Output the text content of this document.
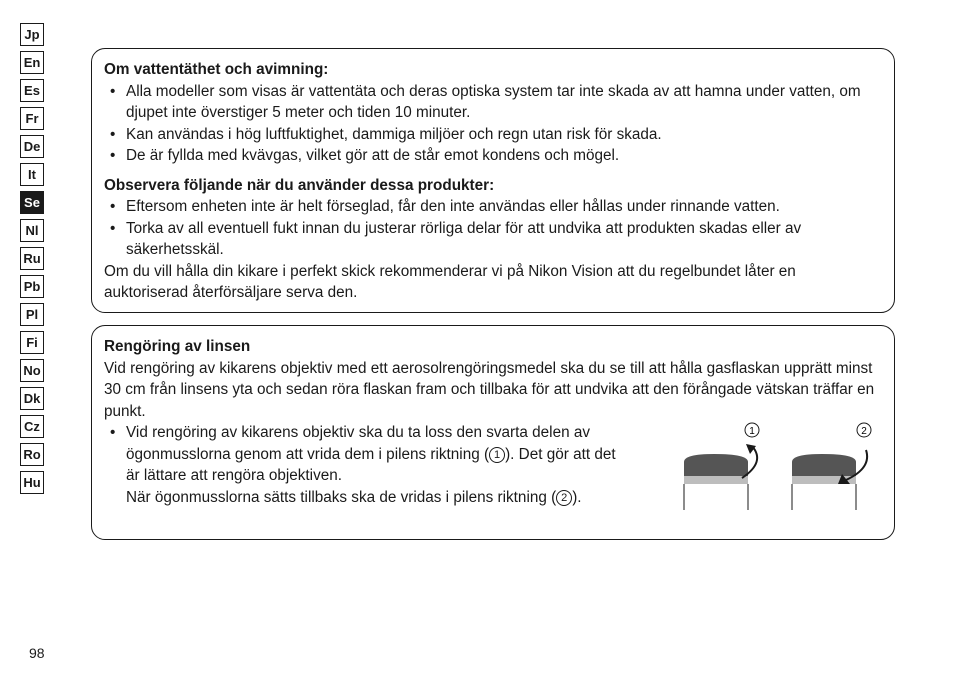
Jp
En
Es
Fr
De
It
Se
Nl
Ru
Pb
Pl
Fi
No
Dk
Cz
Ro
Hu
Om vattentäthet och avimning:
• Alla modeller som visas är vattentäta och deras optiska system tar inte skada av att hamna under vatten, om djupet inte överstiger 5 meter och tiden 10 minuter.
• Kan användas i hög luftfuktighet, dammiga miljöer och regn utan risk för skada.
• De är fyllda med kvävgas, vilket gör att de står emot kondens och mögel.
Observera följande när du använder dessa produkter:
• Eftersom enheten inte är helt förseglad, får den inte användas eller hållas under rinnande vatten.
• Torka av all eventuell fukt innan du justerar rörliga delar för att undvika att produkten skadas eller av säkerhetsskäl.
Om du vill hålla din kikare i perfekt skick rekommenderar vi på Nikon Vision att du regelbundet låter en auktoriserad återförsäljare serva den.
Rengöring av linsen
Vid rengöring av kikarens objektiv med ett aerosolrengöringsmedel ska du se till att hålla gasflaskan upprätt minst 30 cm från linsens yta och sedan röra flaskan fram och tillbaka för att undvika att den förångade vätskan träffar en punkt.
• Vid rengöring av kikarens objektiv ska du ta loss den svarta delen av ögonmusslorna genom att vrida dem i pilens riktning ( 1 ). Det gör att det är lättare att rengöra objektiven.
När ögonmusslorna sätts tillbaks ska de vridas i pilens riktning ( 2 ).
1	2
98
